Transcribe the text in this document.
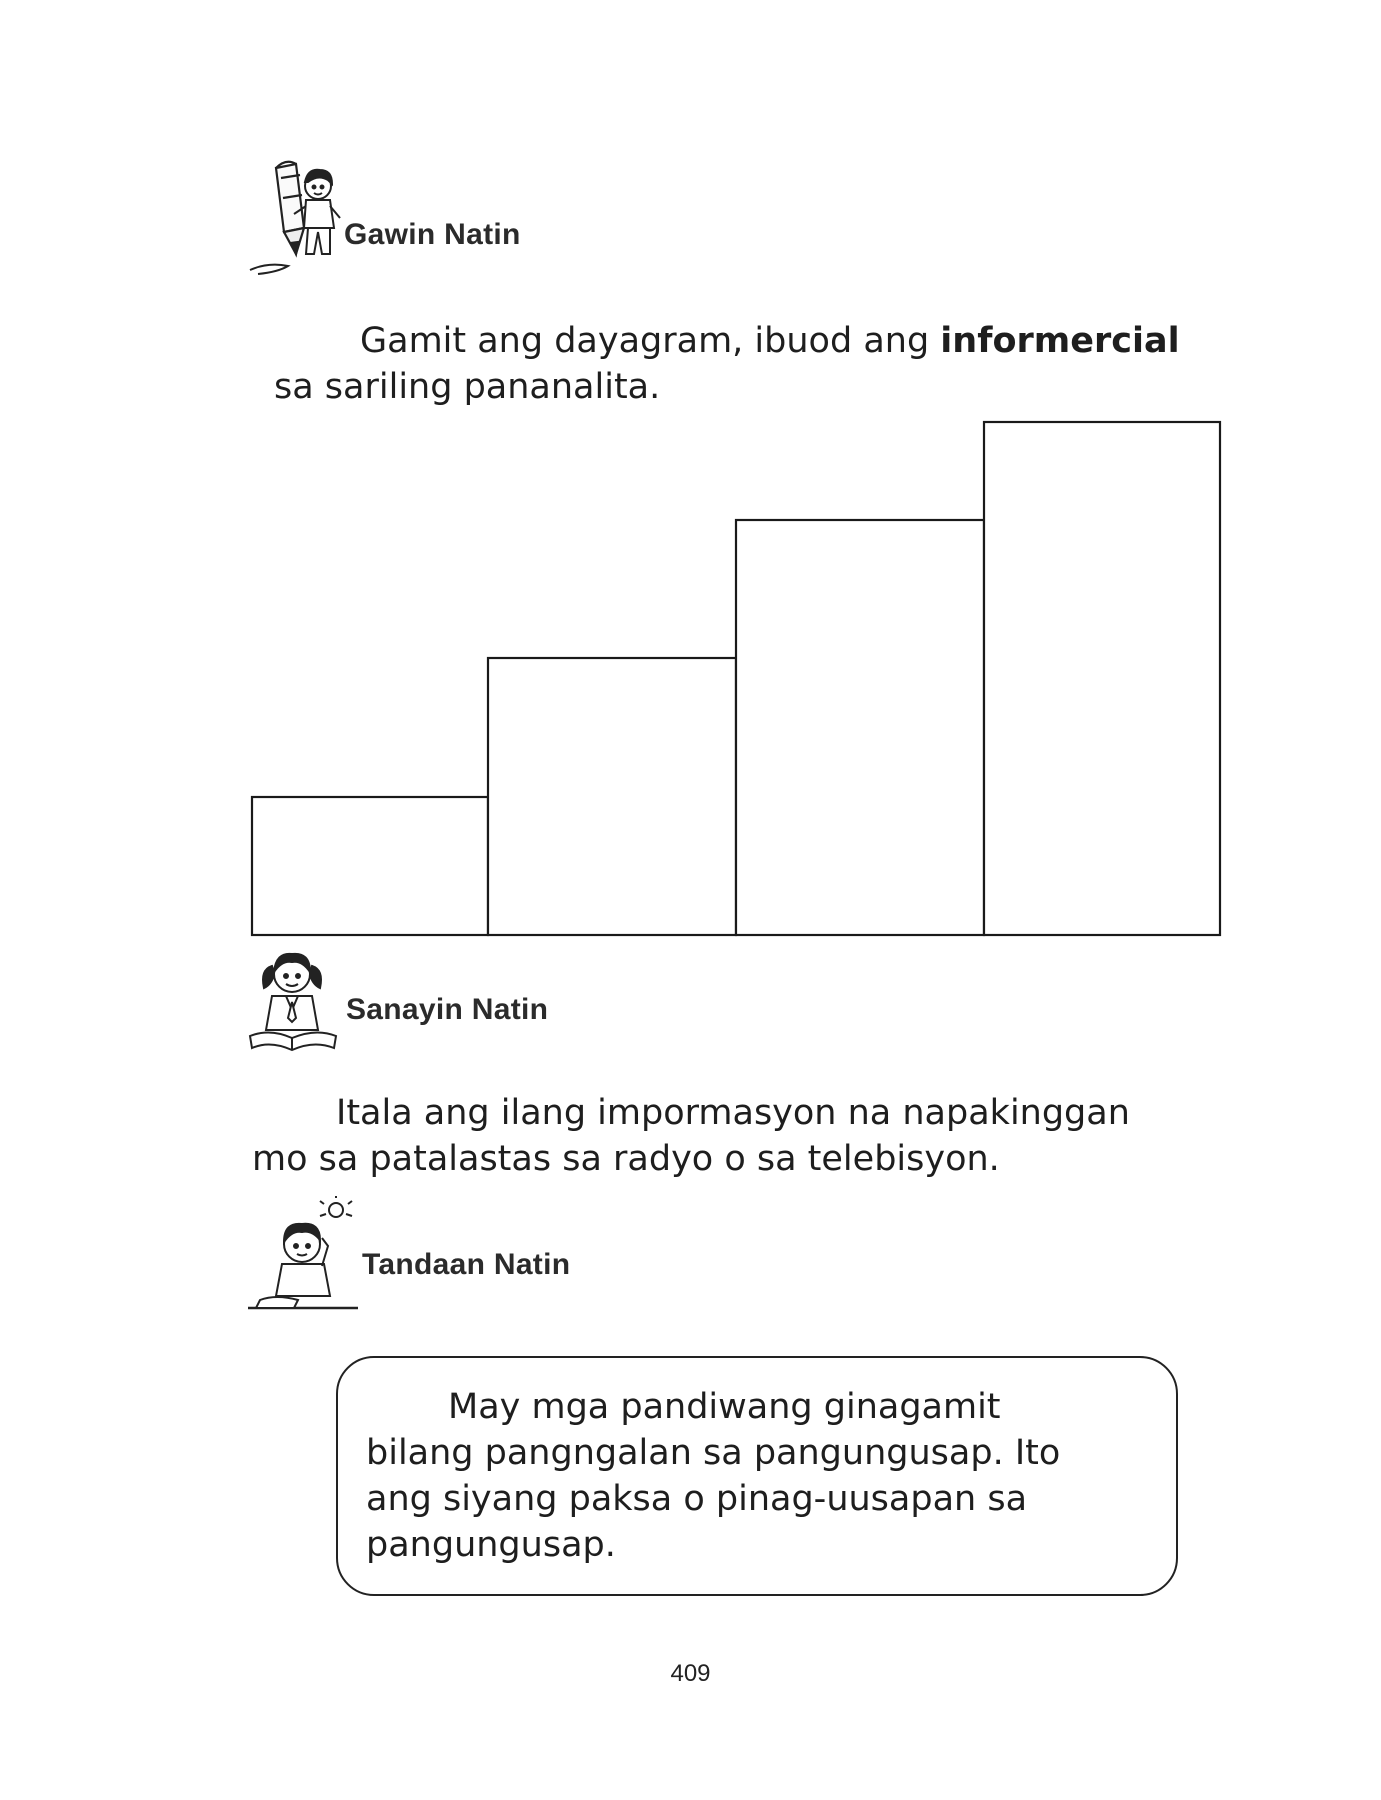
Gawin Natin
Gamit ang dayagram, ibuod ang informercial
sa sariling pananalita.
Sanayin Natin
Itala ang ilang impormasyon na napakinggan
mo sa patalastas sa radyo o sa telebisyon.
Tandaan Natin
May mga pandiwang ginagamit
bilang pangngalan sa pangungusap. Ito
ang siyang paksa o pinag-uusapan sa
pangungusap.
409
